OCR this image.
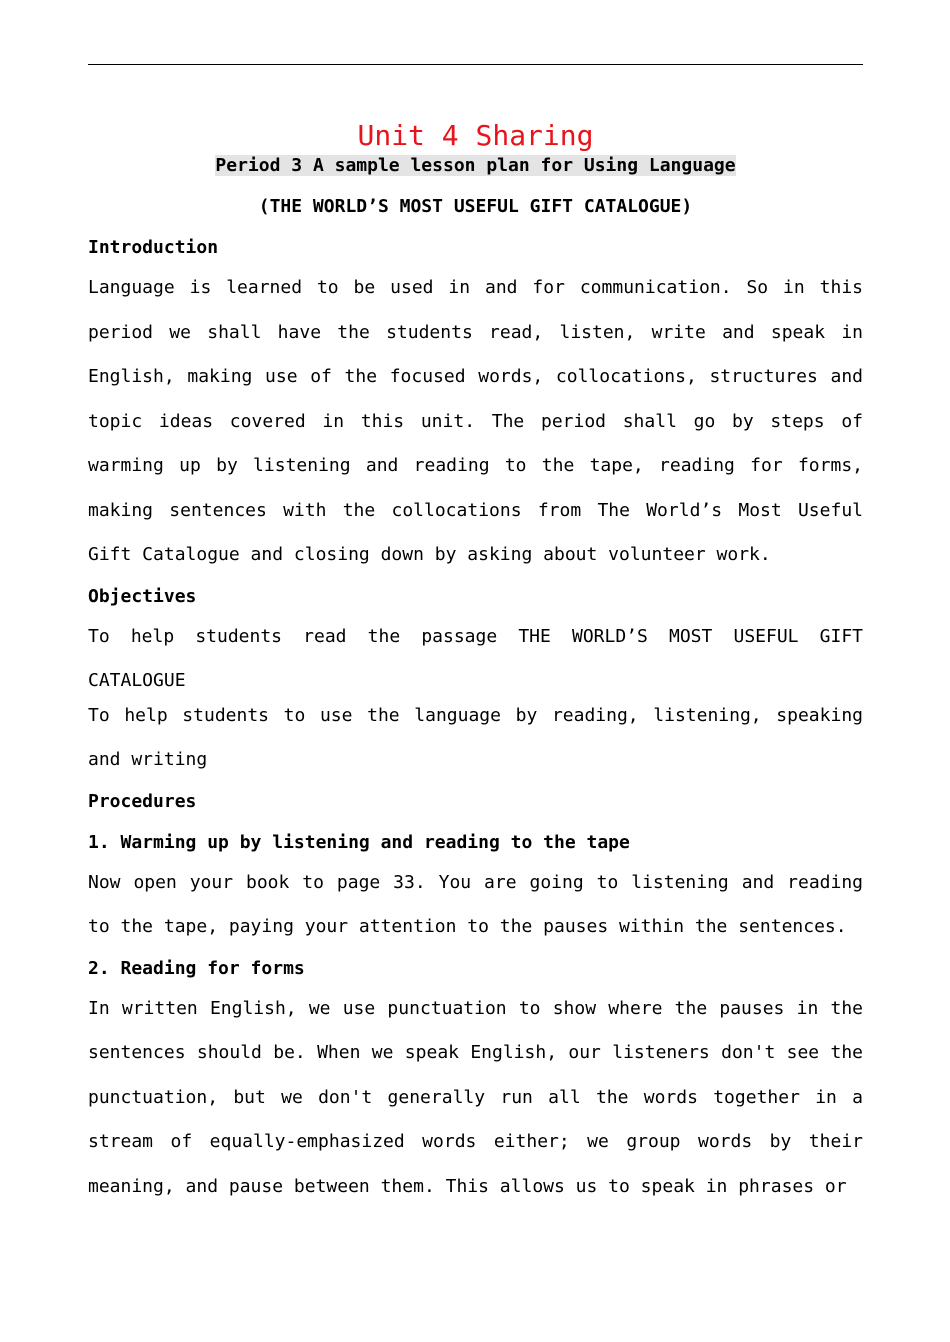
Unit 4 Sharing
Period 3 A sample lesson plan for Using Language
(THE WORLD’S MOST USEFUL GIFT CATALOGUE)
Introduction

Language is learned to be used in and for communication. So in this period we shall have the students read, listen, write and speak in English, making use of the focused words, collocations, structures and topic ideas covered in this unit. The period shall go by steps of warming up by listening and reading to the tape, reading for forms, making sentences with the collocations from The World’s Most Useful Gift Catalogue and closing down by asking about volunteer work.

Objectives

To help students read the passage THE WORLD’S MOST USEFUL GIFT CATALOGUE

To help students to use the language by reading, listening, speaking and writing

Procedures
1. Warming up by listening and reading to the tape

Now open your book to page 33. You are going to listening and reading to the tape, paying your attention to the pauses within the sentences.

2. Reading for forms

In written English, we use punctuation to show where the pauses in the sentences should be. When we speak English, our listeners don't see the punctuation, but we don't generally run all the words together in a stream of equally-emphasized words either; we group words by their meaning, and pause between them. This allows us to speak in phrases or
